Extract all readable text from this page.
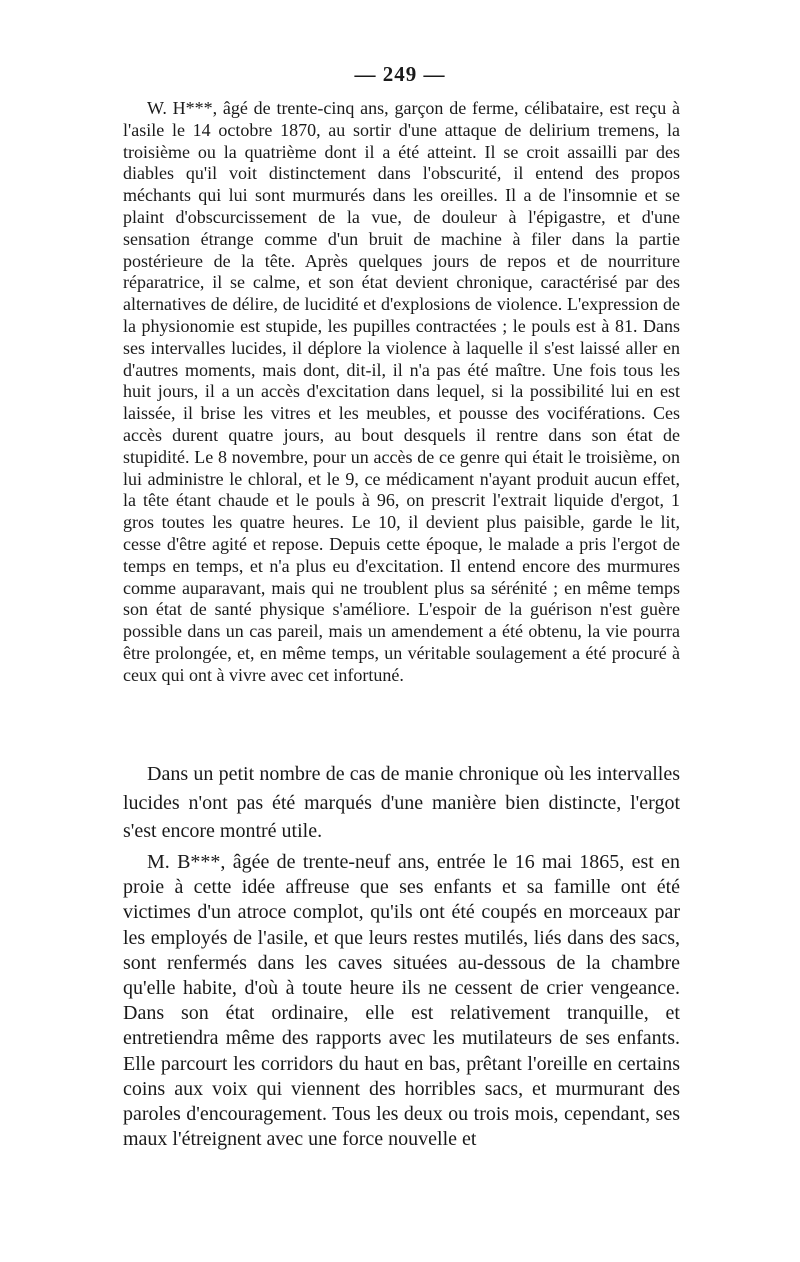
— 249 —

W. H***, âgé de trente-cinq ans, garçon de ferme, célibataire, est reçu à l'asile le 14 octobre 1870, au sortir d'une attaque de delirium tremens, la troisième ou la quatrième dont il a été atteint. Il se croit assailli par des diables qu'il voit distinctement dans l'obscurité, il entend des propos méchants qui lui sont murmurés dans les oreilles. Il a de l'insomnie et se plaint d'obscurcissement de la vue, de douleur à l'épigastre, et d'une sensation étrange comme d'un bruit de machine à filer dans la partie postérieure de la tête. Après quelques jours de repos et de nourriture réparatrice, il se calme, et son état devient chronique, caractérisé par des alternatives de délire, de lucidité et d'explosions de violence. L'expression de la physionomie est stupide, les pupilles contractées ; le pouls est à 81. Dans ses intervalles lucides, il déplore la violence à laquelle il s'est laissé aller en d'autres moments, mais dont, dit-il, il n'a pas été maître. Une fois tous les huit jours, il a un accès d'excitation dans lequel, si la possibilité lui en est laissée, il brise les vitres et les meubles, et pousse des vociférations. Ces accès durent quatre jours, au bout desquels il rentre dans son état de stupidité. Le 8 novembre, pour un accès de ce genre qui était le troisième, on lui administre le chloral, et le 9, ce médicament n'ayant produit aucun effet, la tête étant chaude et le pouls à 96, on prescrit l'extrait liquide d'ergot, 1 gros toutes les quatre heures. Le 10, il devient plus paisible, garde le lit, cesse d'être agité et repose. Depuis cette époque, le malade a pris l'ergot de temps en temps, et n'a plus eu d'excitation. Il entend encore des murmures comme auparavant, mais qui ne troublent plus sa sérénité ; en même temps son état de santé physique s'améliore. L'espoir de la guérison n'est guère possible dans un cas pareil, mais un amendement a été obtenu, la vie pourra être prolongée, et, en même temps, un véritable soulagement a été procuré à ceux qui ont à vivre avec cet infortuné.

Dans un petit nombre de cas de manie chronique où les intervalles lucides n'ont pas été marqués d'une manière bien distincte, l'ergot s'est encore montré utile.

M. B***, âgée de trente-neuf ans, entrée le 16 mai 1865, est en proie à cette idée affreuse que ses enfants et sa famille ont été victimes d'un atroce complot, qu'ils ont été coupés en morceaux par les employés de l'asile, et que leurs restes mutilés, liés dans des sacs, sont renfermés dans les caves situées au-dessous de la chambre qu'elle habite, d'où à toute heure ils ne cessent de crier vengeance. Dans son état ordinaire, elle est relativement tranquille, et entretiendra même des rapports avec les mutilateurs de ses enfants. Elle parcourt les corridors du haut en bas, prêtant l'oreille en certains coins aux voix qui viennent des horribles sacs, et murmurant des paroles d'encouragement. Tous les deux ou trois mois, cependant, ses maux l'étreignent avec une force nouvelle et
